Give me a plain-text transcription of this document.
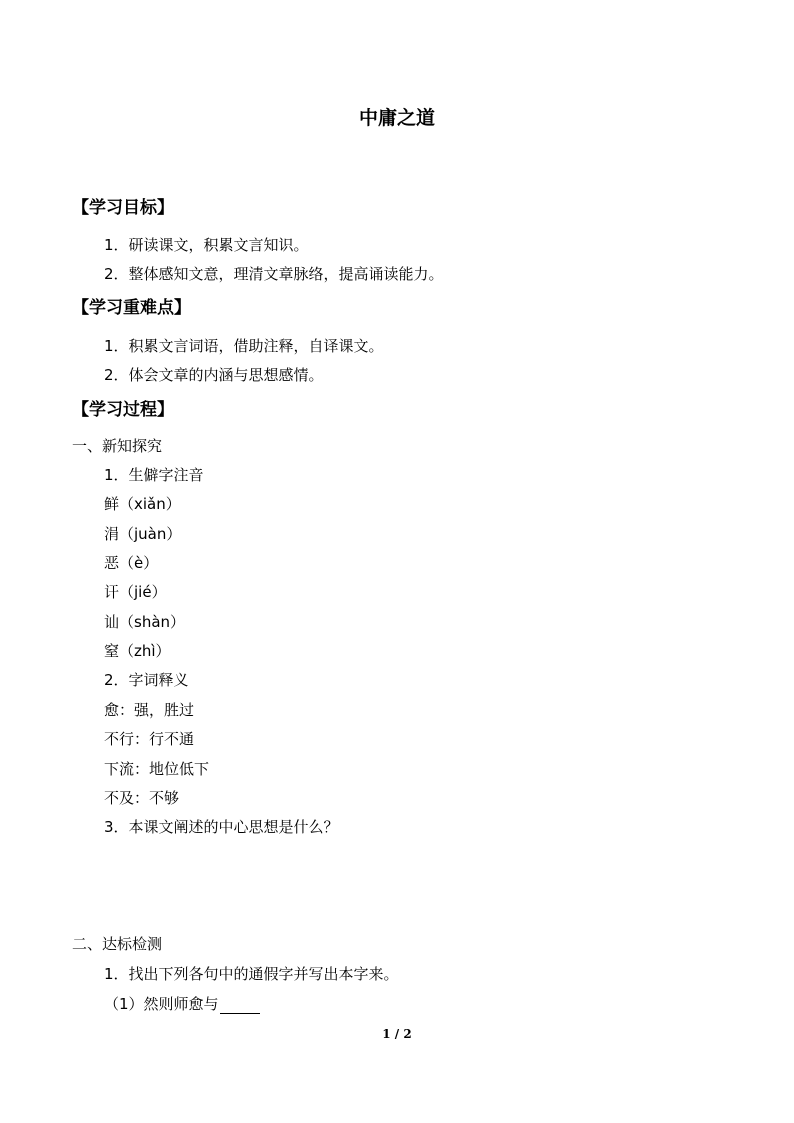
中庸之道
【学习目标】
1．研读课文，积累文言知识。
2．整体感知文意，理清文章脉络，提高诵读能力。
【学习重难点】
1．积累文言词语，借助注释，自译课文。
2．体会文章的内涵与思想感情。
【学习过程】
一、新知探究
1．生僻字注音
鲜（xiǎn）
涓（juàn）
恶（è）
讦（jié）
讪（shàn）
窒（zhì）
2．字词释义
愈：强，胜过
不行：行不通
下流：地位低下
不及：不够
3．本课文阐述的中心思想是什么？
二、达标检测
1．找出下列各句中的通假字并写出本字来。
（1）然则师愈与
1 / 2
